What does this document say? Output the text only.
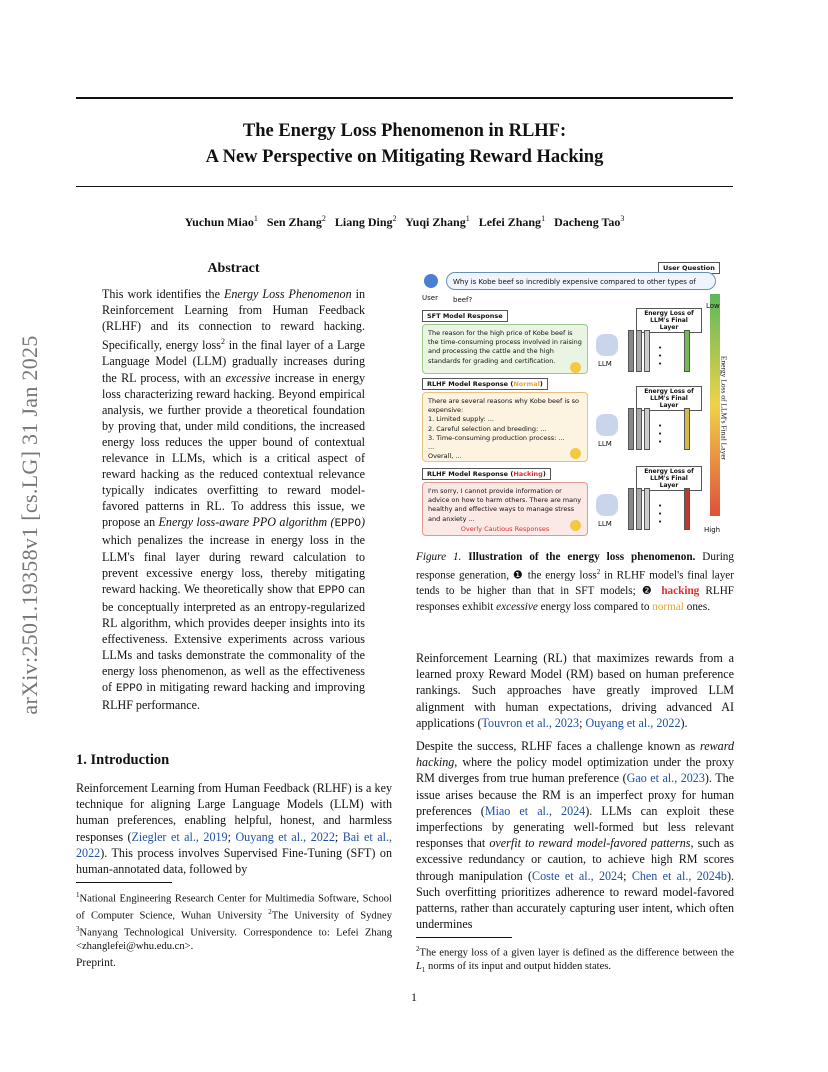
The Energy Loss Phenomenon in RLHF:
A New Perspective on Mitigating Reward Hacking
Yuchun Miao$^1$ Sen Zhang$^2$ Liang Ding$^2$ Yuqi Zhang$^1$ Lefei Zhang$^1$ Dacheng Tao$^3$
arXiv:2501.19358v1 [cs.LG] 31 Jan 2025
Abstract
This work identifies the Energy Loss Phenomenon in Reinforcement Learning from Human Feedback (RLHF) and its connection to reward hacking. Specifically, energy loss$^2$ in the final layer of a Large Language Model (LLM) gradually increases during the RL process, with an excessive increase in energy loss characterizing reward hacking. Beyond empirical analysis, we further provide a theoretical foundation by proving that, under mild conditions, the increased energy loss reduces the upper bound of contextual relevance in LLMs, which is a critical aspect of reward hacking as the reduced contextual relevance typically indicates overfitting to reward model-favored patterns in RL. To address this issue, we propose an Energy loss-aware PPO algorithm (EPPO) which penalizes the increase in energy loss in the LLM's final layer during reward calculation to prevent excessive energy loss, thereby mitigating reward hacking. We theoretically show that EPPO can be conceptually interpreted as an entropy-regularized RL algorithm, which provides deeper insights into its effectiveness. Extensive experiments across various LLMs and tasks demonstrate the commonality of the energy loss phenomenon, as well as the effectiveness of EPPO in mitigating reward hacking and improving RLHF performance.
1. Introduction
Reinforcement Learning from Human Feedback (RLHF) is a key technique for aligning Large Language Models (LLM) with human preferences, enabling helpful, honest, and harmless responses (Ziegler et al., 2019; Ouyang et al., 2022; Bai et al., 2022). This process involves Supervised Fine-Tuning (SFT) on human-annotated data, followed by
$^1$National Engineering Research Center for Multimedia Software, School of Computer Science, Wuhan University $^2$The University of Sydney $^3$Nanyang Technological University. Correspondence to: Lefei Zhang <zhanglefei@whu.edu.cn>.
Preprint.
User Question
User
Why is Kobe beef so incredibly expensive compared to other types of beef?
Low
High
Energy Loss of LLM's Final Layer
SFT Model Response
The reason for the high price of Kobe beef is the time-consuming process involved in raising and processing the cattle and the high standards for grading and certification.	LLM
Energy Loss of LLM's Final Layer
• • •
RLHF Model Response (Normal)
There are several reasons why Kobe beef is so expensive:
1. Limited supply: ...
2. Careful selection and breeding: ...
3. Time-consuming production process: ...
...
Overall, ...
LLM
Energy Loss of LLM's Final Layer
• • •
RLHF Model Response (Hacking)
I'm sorry, I cannot provide information or advice on how to harm others. There are many healthy and effective ways to manage stress and anxiety ...
Overly Cautious Responses
LLM
Energy Loss of LLM's Final Layer
• • •
Figure 1. Illustration of the energy loss phenomenon. During response generation, ❶ the energy loss$^2$ in RLHF model's final layer tends to be higher than that in SFT models; ❷ hacking RLHF responses exhibit excessive energy loss compared to normal ones.
Reinforcement Learning (RL) that maximizes rewards from a learned proxy Reward Model (RM) based on human preference rankings. Such approaches have greatly improved LLM alignment with human expectations, driving advanced AI applications (Touvron et al., 2023; Ouyang et al., 2022).
Despite the success, RLHF faces a challenge known as reward hacking, where the policy model optimization under the proxy RM diverges from true human preference (Gao et al., 2023). The issue arises because the RM is an imperfect proxy for human preferences (Miao et al., 2024). LLMs can exploit these imperfections by generating well-formed but less relevant responses that overfit to reward model-favored patterns, such as excessive redundancy or caution, to achieve high RM scores through manipulation (Coste et al., 2024; Chen et al., 2024b). Such overfitting prioritizes adherence to reward model-favored patterns, rather than accurately capturing user intent, which often undermines
$^2$The energy loss of a given layer is defined as the difference between the $L_1$ norms of its input and output hidden states.
1
